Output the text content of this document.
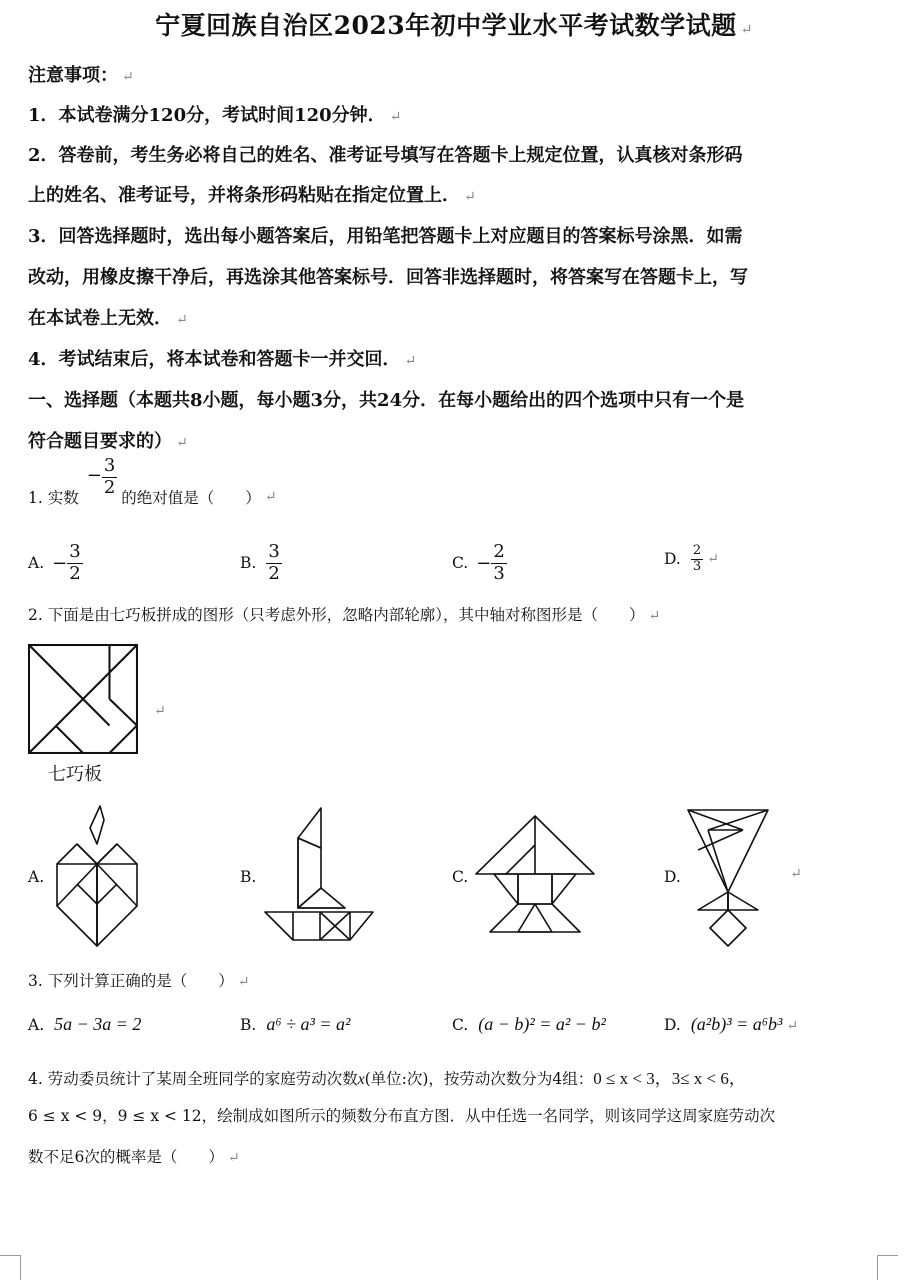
宁夏回族自治区2023年初中学业水平考试数学试题 ↵
注意事项： ↵
1．本试卷满分120分，考试时间120分钟． ↵
2．答卷前，考生务必将自己的姓名、准考证号填写在答题卡上规定位置，认真核对条形码
上的姓名、准考证号，并将条形码粘贴在指定位置上． ↵
3．回答选择题时，选出每小题答案后，用铅笔把答题卡上对应题目的答案标号涂黑．如需
改动，用橡皮擦干净后，再选涂其他答案标号．回答非选择题时，将答案写在答题卡上，写
在本试卷上无效． ↵
4．考试结束后，将本试卷和答题卡一并交回． ↵
一、选择题（本题共8小题，每小题3分，共24分．在每小题给出的四个选项中只有一个是
符合题目要求的） ↵
1. 实数
− $\frac{3}{2}$ 的绝对值是（　　） ↵
A. − $\frac{3}{2}$	B. $\frac{3}{2}$	C. − $\frac{2}{3}$	D. $\frac{2}{3}$ ↵
2. 下面是由七巧板拼成的图形（只考虑外形，忽略内部轮廓），其中轴对称图形是（　　） ↵
↵
七巧板
A.	B.	C.	D.	↵
3. 下列计算正确的是（　　） ↵
A. 5a − 3a = 2	B. a⁶ ÷ a³ = a²	C. (a − b)² = a² − b²	D. (a²b)³ = a⁶b³ ↵
4. 劳动委员统计了某周全班同学的家庭劳动次数x(单位:次)，按劳动次数分为4组：0 ≤ x < 3，3≤ x < 6，
6 ≤ x < 9，9 ≤ x < 12，绘制成如图所示的频数分布直方图．从中任选一名同学，则该同学这周家庭劳动次
数不足6次的概率是（　　） ↵
